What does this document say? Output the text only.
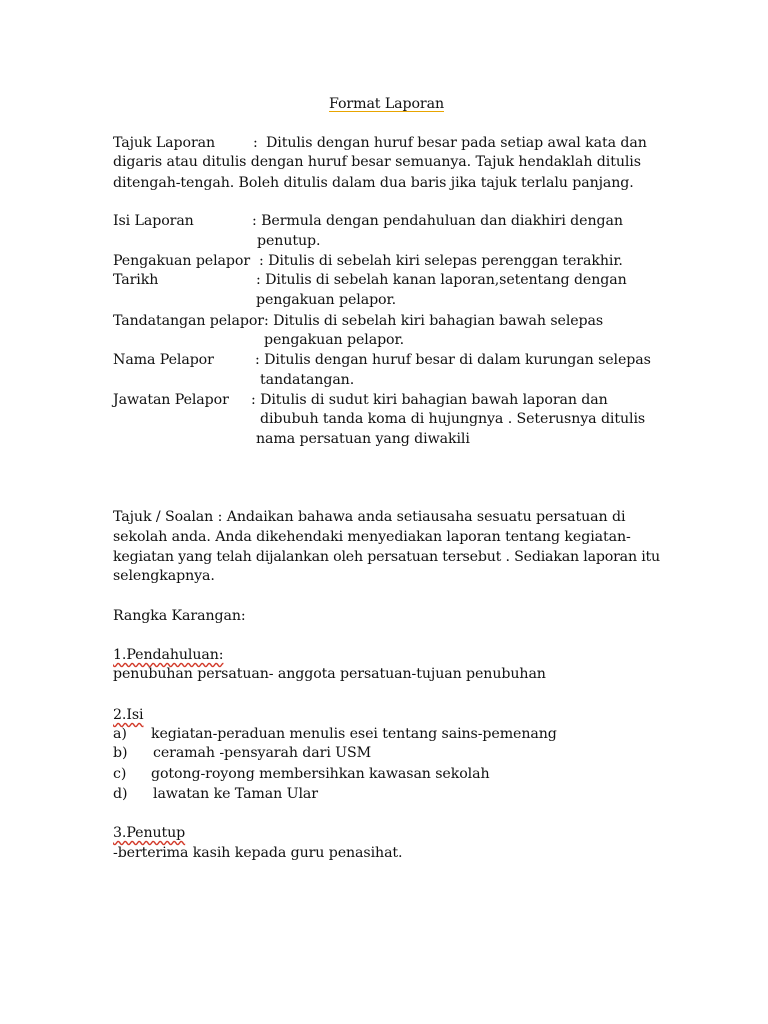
Format Laporan
Tajuk Laporan	: Ditulis dengan huruf besar pada setiap awal kata dan
digaris atau ditulis dengan huruf besar semuanya. Tajuk hendaklah ditulis
ditengah-tengah. Boleh ditulis dalam dua baris jika tajuk terlalu panjang.
Isi Laporan	: Bermula dengan pendahuluan dan diakhiri dengan
penutup.
Pengakuan pelapor : Ditulis di sebelah kiri selepas perenggan terakhir.
Tarikh	: Ditulis di sebelah kanan laporan,setentang dengan
pengakuan pelapor.
Tandatangan pelapor : Ditulis di sebelah kiri bahagian bawah selepas
pengakuan pelapor.
Nama Pelapor	: Ditulis dengan huruf besar di dalam kurungan selepas
tandatangan.
Jawatan Pelapor : Ditulis di sudut kiri bahagian bawah laporan dan
dibubuh tanda koma di hujungnya . Seterusnya ditulis
nama persatuan yang diwakili
Tajuk / Soalan : Andaikan bahawa anda setiausaha sesuatu persatuan di
sekolah anda. Anda dikehendaki menyediakan laporan tentang kegiatan-
kegiatan yang telah dijalankan oleh persatuan tersebut . Sediakan laporan itu
selengkapnya.
Rangka Karangan:
1.Pendahuluan:
penubuhan persatuan- anggota persatuan-tujuan penubuhan
2.Isi
a) kegiatan-peraduan menulis esei tentang sains-pemenang
b) ceramah -pensyarah dari USM
c) gotong-royong membersihkan kawasan sekolah
d) lawatan ke Taman Ular
3.Penutup
-berterima kasih kepada guru penasihat.
